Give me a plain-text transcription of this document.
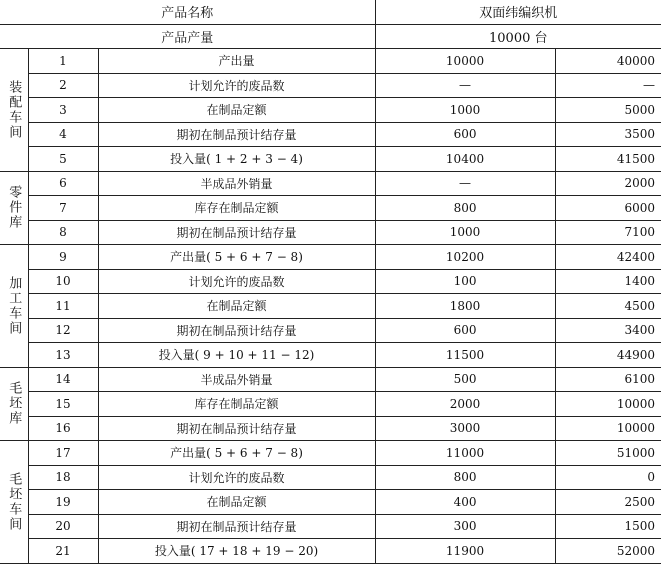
产品名称			双面纬编织机	
产品产量			10000 台	
装配车间	1	产出量	10000	40000
	2	计划允许的废品数	—	—
	3	在制品定额	1000	5000
	4	期初在制品预计结存量	600	3500
	5	投入量( 1 + 2 + 3 − 4)	10400	41500
零件库	6	半成品外销量	—	2000
	7	库存在制品定额	800	6000
	8	期初在制品预计结存量	1000	7100
加工车间	9	产出量( 5 + 6 + 7 − 8)	10200	42400
	10	计划允许的废品数	100	1400
	11	在制品定额	1800	4500
	12	期初在制品预计结存量	600	3400
	13	投入量( 9 + 10 + 11 − 12)	11500	44900
毛坯库	14	半成品外销量	500	6100
	15	库存在制品定额	2000	10000
	16	期初在制品预计结存量	3000	10000
毛坯车间	17	产出量( 5 + 6 + 7 − 8)	11000	51000
	18	计划允许的废品数	800	0
	19	在制品定额	400	2500
	20	期初在制品预计结存量	300	1500
	21	投入量( 17 + 18 + 19 − 20)	11900	52000
